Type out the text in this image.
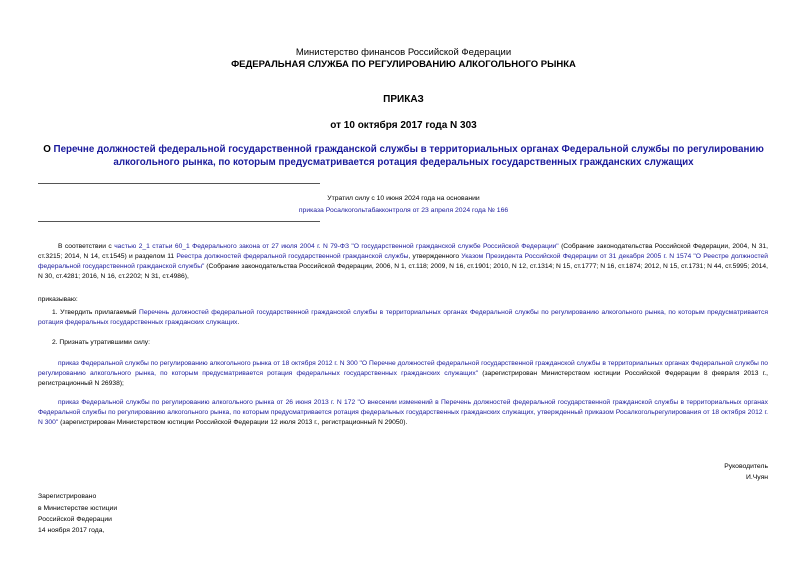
Министерство финансов Российской Федерации
ФЕДЕРАЛЬНАЯ СЛУЖБА ПО РЕГУЛИРОВАНИЮ АЛКОГОЛЬНОГО РЫНКА
ПРИКАЗ
от 10 октября 2017 года N 303
О Перечне должностей федеральной государственной гражданской службы в территориальных органах Федеральной службы по регулированию алкогольного рынка, по которым предусматривается ротация федеральных государственных гражданских служащих
Утратил силу с 10 июня 2024 года на основании
приказа Росалкогольтабакконтроля от 23 апреля 2024 года № 166

В соответствии с частью 2_1 статьи 60_1 Федерального закона от 27 июля 2004 г. N 79-ФЗ "О государственной гражданской службе Российской Федерации" (Собрание законодательства Российской Федерации, 2004, N 31, ст.3215; 2014, N 14, ст.1545) и разделом 11 Реестра должностей федеральной государственной гражданской службы, утвержденного Указом Президента Российской Федерации от 31 декабря 2005 г. N 1574 "О Реестре должностей федеральной государственной гражданской службы" (Собрание законодательства Российской Федерации, 2006, N 1, ст.118; 2009, N 16, ст.1901; 2010, N 12, ст.1314; N 15, ст.1777; N 16, ст.1874; 2012, N 15, ст.1731; N 44, ст.5995; 2014, N 30, ст.4281; 2016, N 16, ст.2202; N 31, ст.4986),

приказываю:

1. Утвердить прилагаемый Перечень должностей федеральной государственной гражданской службы в территориальных органах Федеральной службы по регулированию алкогольного рынка, по которым предусматривается ротация федеральных государственных гражданских служащих.

2. Признать утратившими силу:

приказ Федеральной службы по регулированию алкогольного рынка от 18 октября 2012 г. N 300 "О Перечне должностей федеральной государственной гражданской службы в территориальных органах Федеральной службы по регулированию алкогольного рынка, по которым предусматривается ротация федеральных государственных гражданских служащих" (зарегистрирован Министерством юстиции Российской Федерации 8 февраля 2013 г., регистрационный N 26938);

приказ Федеральной службы по регулированию алкогольного рынка от 26 июня 2013 г. N 172 "О внесении изменений в Перечень должностей федеральной государственной гражданской службы в территориальных органах Федеральной службы по регулированию алкогольного рынка, по которым предусматривается ротация федеральных государственных гражданских служащих, утвержденный приказом Росалкогольрегулирования от 18 октября 2012 г. N 300" (зарегистрирован Министерством юстиции Российской Федерации 12 июля 2013 г., регистрационный N 29050).

Руководитель
И.Чуян
Зарегистрировано
в Министерстве юстиции
Российской Федерации
14 ноября 2017 года,
